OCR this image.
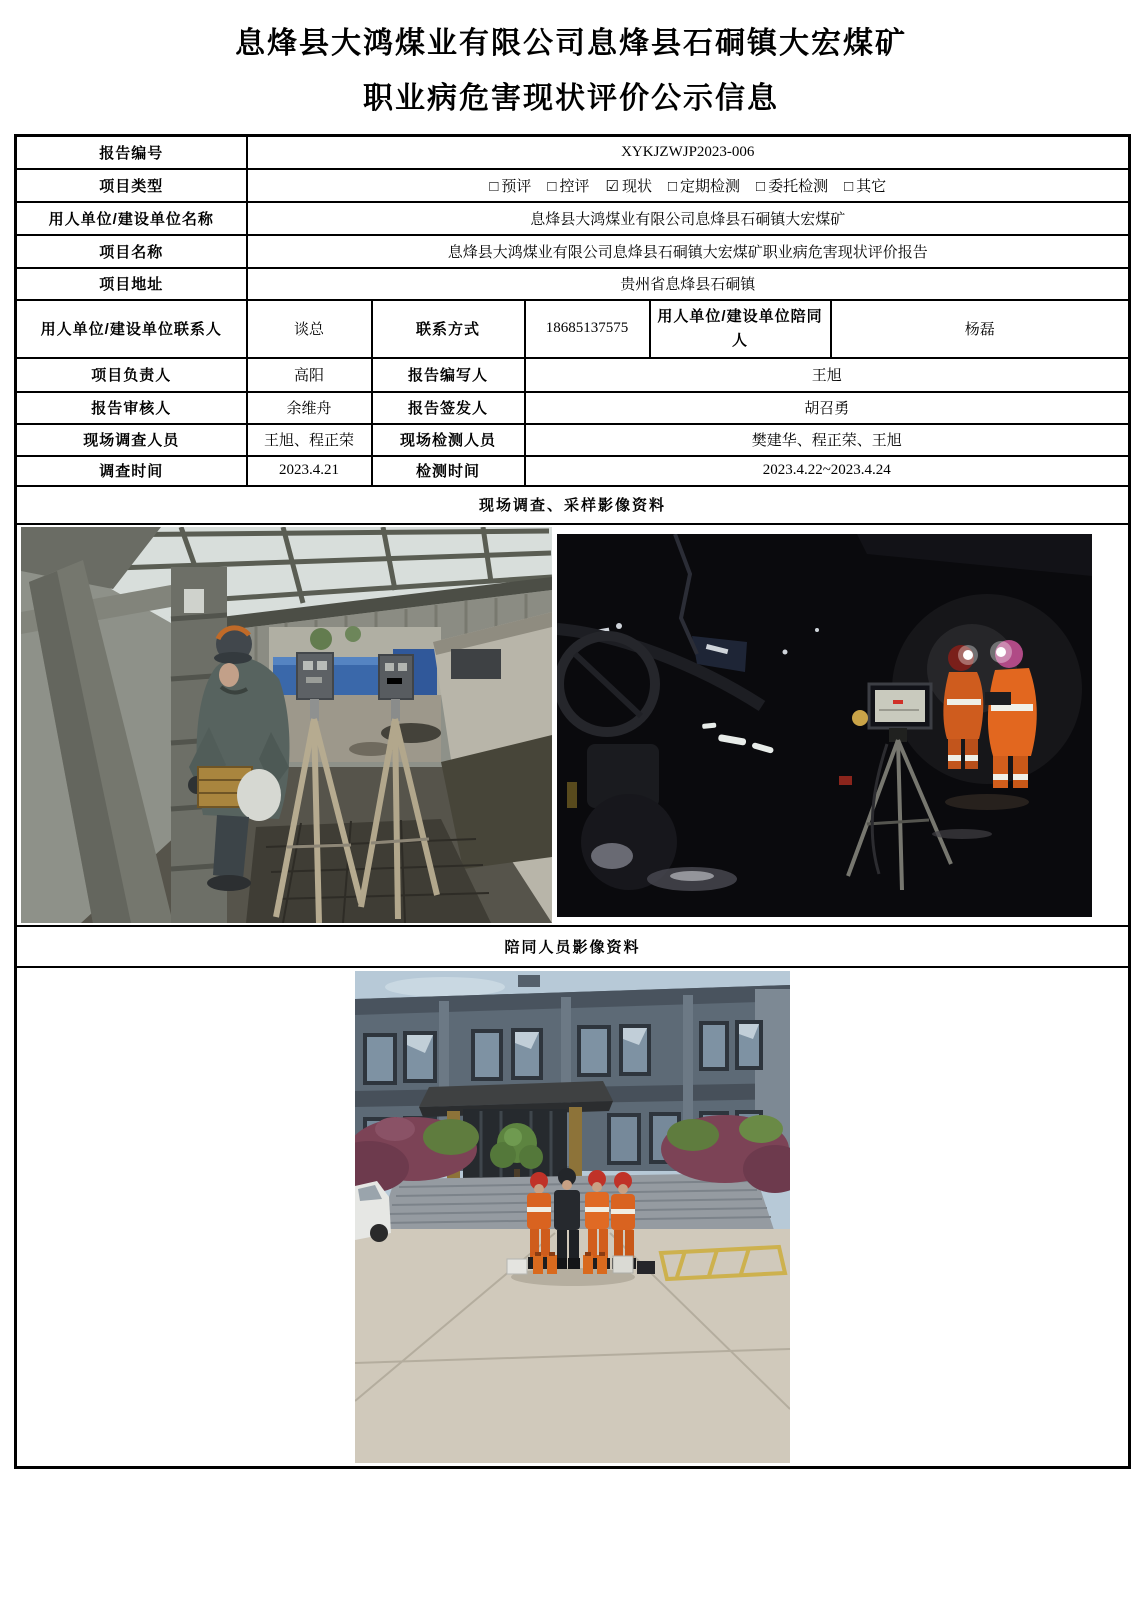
息烽县大鸿煤业有限公司息烽县石硐镇大宏煤矿
职业病危害现状评价公示信息
报告编号	XYKJZWJP2023-006				
项目类型	□ 预评 □ 控评 ☑ 现状 □ 定期检测 □ 委托检测 □ 其它				
用人单位/建设单位名称	息烽县大鸿煤业有限公司息烽县石硐镇大宏煤矿				
项目名称	息烽县大鸿煤业有限公司息烽县石硐镇大宏煤矿职业病危害现状评价报告				
项目地址	贵州省息烽县石硐镇				
用人单位/建设单位联系人	谈总	联系方式	18685137575	用人单位/建设单位陪同人	杨磊
项目负责人	高阳	报告编写人	王旭		
报告审核人	余维舟	报告签发人	胡召勇		
现场调查人员	王旭、程正荣	现场检测人员	樊建华、程正荣、王旭		
调查时间	2023.4.21	检测时间	2023.4.22~2023.4.24		
现场调查、采样影像资料					

陪同人员影像资料					
